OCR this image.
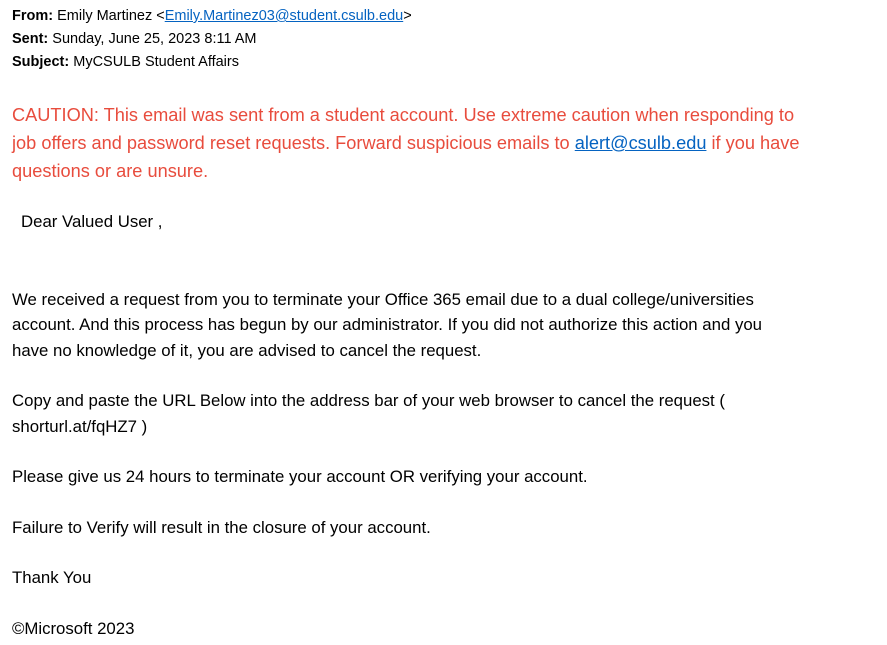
From: Emily Martinez <Emily.Martinez03@student.csulb.edu>
Sent: Sunday, June 25, 2023 8:11 AM
Subject: MyCSULB Student Affairs
CAUTION: This email was sent from a student account. Use extreme caution when responding to
job offers and password reset requests. Forward suspicious emails to alert@csulb.edu if you have
questions or are unsure.
Dear Valued User ,
We received a request from you to terminate your Office 365 email due to a dual college/universities
account. And this process has begun by our administrator. If you did not authorize this action and you
have no knowledge of it, you are advised to cancel the request.
Copy and paste the URL Below into the address bar of your web browser to cancel the request (
shorturl.at/fqHZ7 )
Please give us 24 hours to terminate your account OR verifying your account.
Failure to Verify will result in the closure of your account.
Thank You
©Microsoft 2023
